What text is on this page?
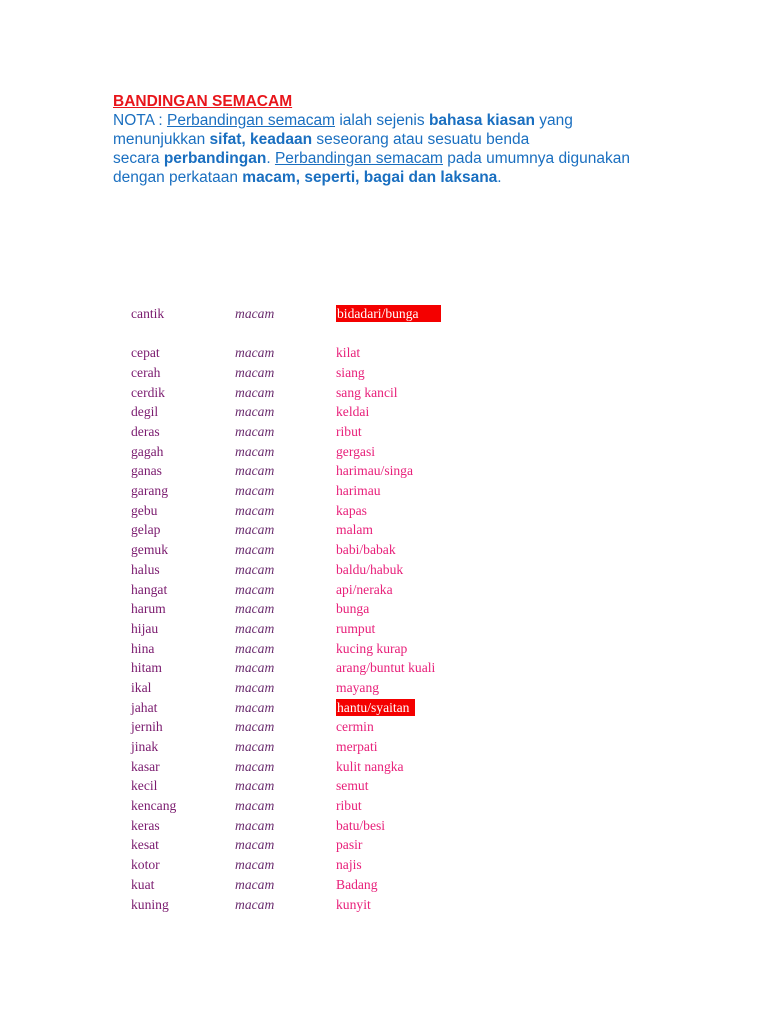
BANDINGAN SEMACAM
NOTA : Perbandingan semacam ialah sejenis bahasa kiasan yang
menunjukkan sifat, keadaan seseorang atau sesuatu benda
secara perbandingan. Perbandingan semacam pada umumnya digunakan
dengan perkataan macam, seperti, bagai dan laksana.
cantik	macam	bidadari/bunga
cepat	macam	kilat
cerah	macam	siang
cerdik	macam	sang kancil
degil	macam	keldai
deras	macam	ribut
gagah	macam	gergasi
ganas	macam	harimau/singa
garang	macam	harimau
gebu	macam	kapas
gelap	macam	malam
gemuk	macam	babi/babak
halus	macam	baldu/habuk
hangat	macam	api/neraka
harum	macam	bunga
hijau	macam	rumput
hina	macam	kucing kurap
hitam	macam	arang/buntut kuali
ikal	macam	mayang
jahat	macam	hantu/syaitan
jernih	macam	cermin
jinak	macam	merpati
kasar	macam	kulit nangka
kecil	macam	semut
kencang	macam	ribut
keras	macam	batu/besi
kesat	macam	pasir
kotor	macam	najis
kuat	macam	Badang
kuning	macam	kunyit
